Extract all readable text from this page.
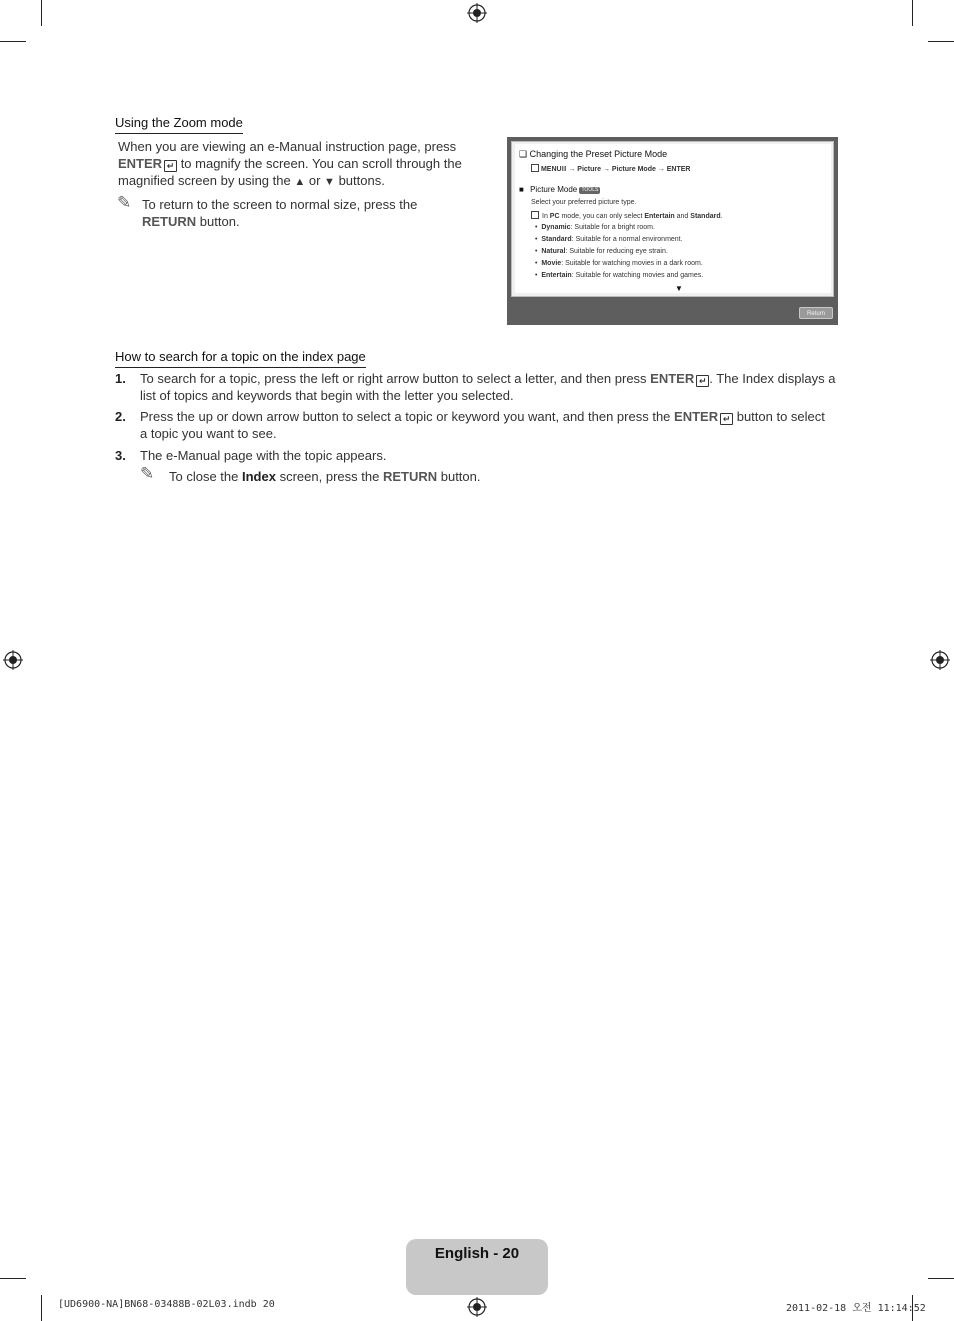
Using the Zoom mode
When you are viewing an e-Manual instruction page, press
ENTER ↵ to magnify the screen. You can scroll through the
magnified screen by using the ▲ or ▼ buttons.
✎ To return to the screen to normal size, press the
RETURN button.
❑ Changing the Preset Picture Mode
MENUⅢ → Picture → Picture Mode → ENTER
■ Picture Mode TOOLS
Select your preferred picture type.
In PC mode, you can only select Entertain and Standard.
•  Dynamic: Suitable for a bright room.
•  Standard: Suitable for a normal environment.
•  Natural: Suitable for reducing eye strain.
•  Movie: Suitable for watching movies in a dark room.
•  Entertain: Suitable for watching movies and games.
▼
Return
How to search for a topic on the index page
1. To search for a topic, press the left or right arrow button to select a letter, and then press ENTER ↵ . The Index displays a
list of topics and keywords that begin with the letter you selected.
2. Press the up or down arrow button to select a topic or keyword you want, and then press the ENTER ↵ button to select
a topic you want to see.
3. The e-Manual page with the topic appears.
✎ To close the Index screen, press the RETURN button.
English - 20
[UD6900-NA]BN68-03488B-02L03.indb 20	2011-02-18 오전 11:14:52
